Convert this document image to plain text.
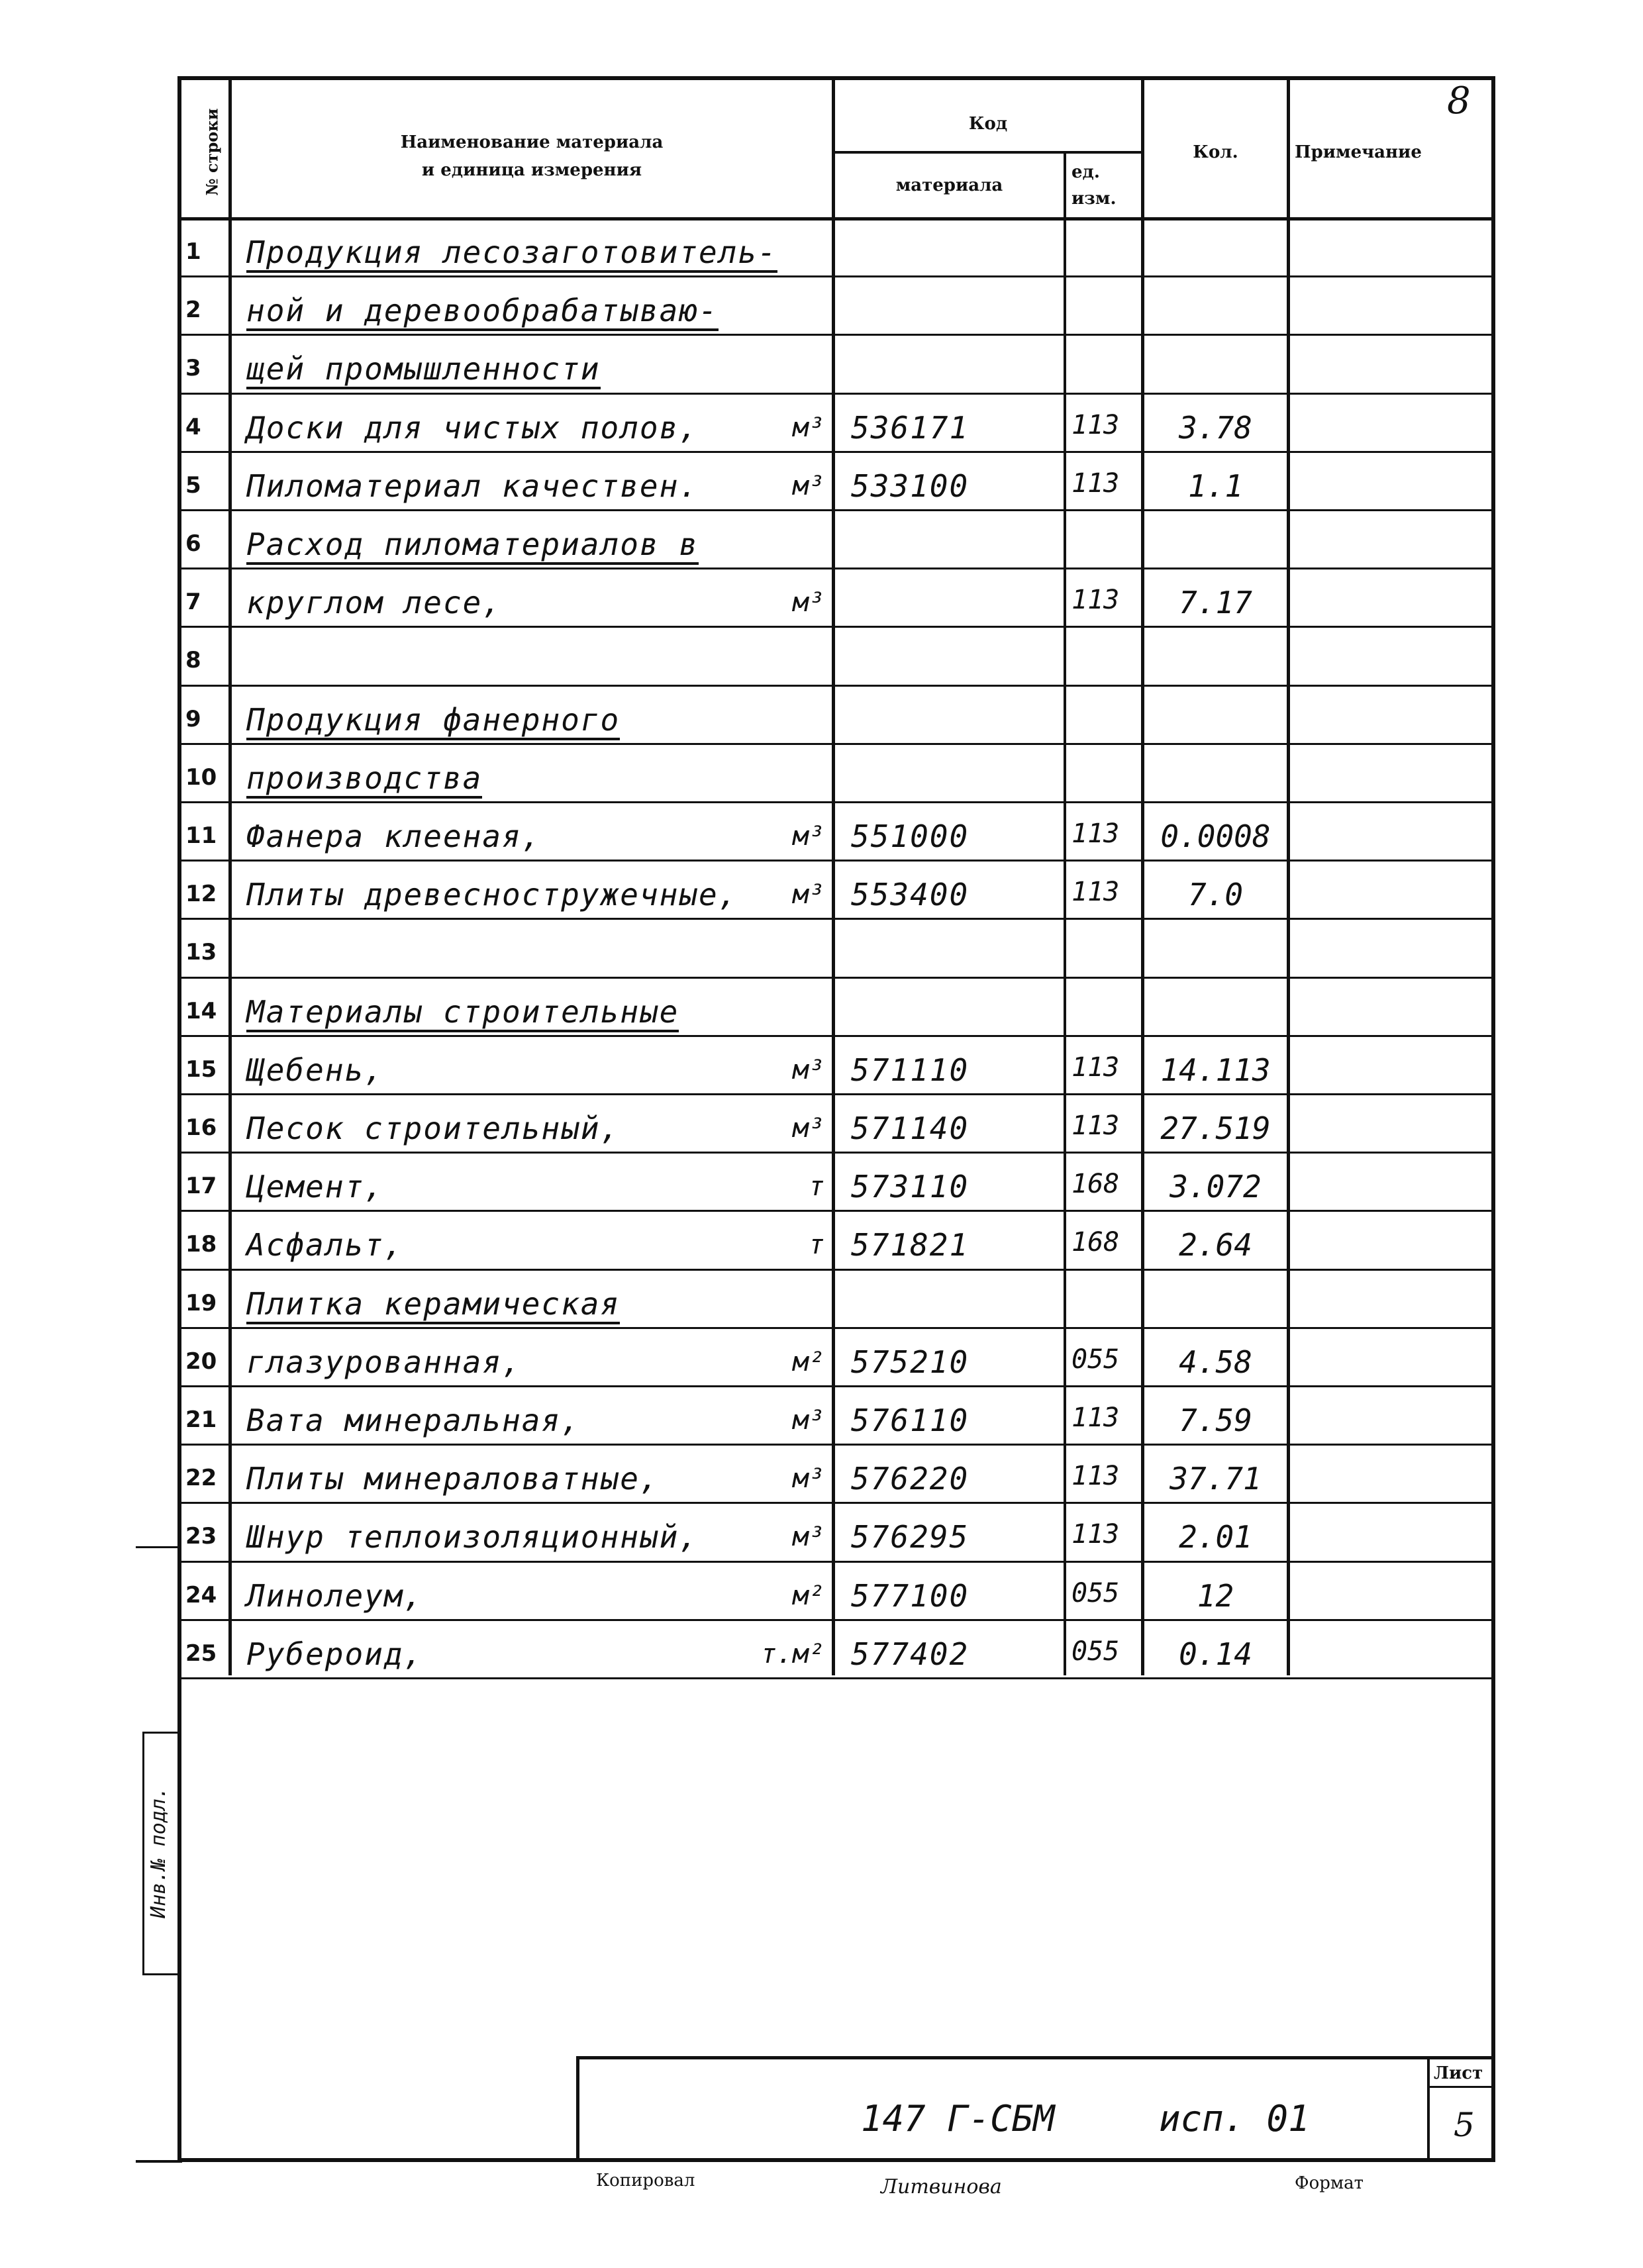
Инв.№ подл.
№ строки	Наименование материала
и единица измерения
Код
материала
ед.
изм.
Кол.	Примечание
8
1 Продукция лесозаготовитель-
2 ной и деревообрабатываю-
3 щей промышленности
4 Доски для чистых полов,	м³ 536171	113	3.78
5 Пиломатериал качествен.	м³ 533100	113	1.1
6 Расход пиломатериалов в
7 круглом лесе,	м³	113	7.17
8
9 Продукция фанерного
10 производства
11 Фанера клееная,	м³ 551000	113	0.0008
12 Плиты древесностружечные,	м³ 553400	113	7.0
13
14 Материалы строительные
15 Щебень,	м³ 571110	113	14.113
16 Песок строительный,	м³ 571140	113	27.519
17 Цемент,	т 573110	168	3.072
18 Асфальт,	т 571821	168	2.64
19 Плитка керамическая
20 глазурованная,	м² 575210	055	4.58
21 Вата минеральная,	м³ 576110	113	7.59
22 Плиты минераловатные,	м³ 576220	113	37.71
23 Шнур теплоизоляционный,	м³ 576295	113	2.01
24 Линолеум,	м² 577100	055	12
25 Рубероид,	т.м² 577402	055	0.14
147 Г-СБМ	исп. 01
Лист
5
Копировал	Литвинова	Формат
